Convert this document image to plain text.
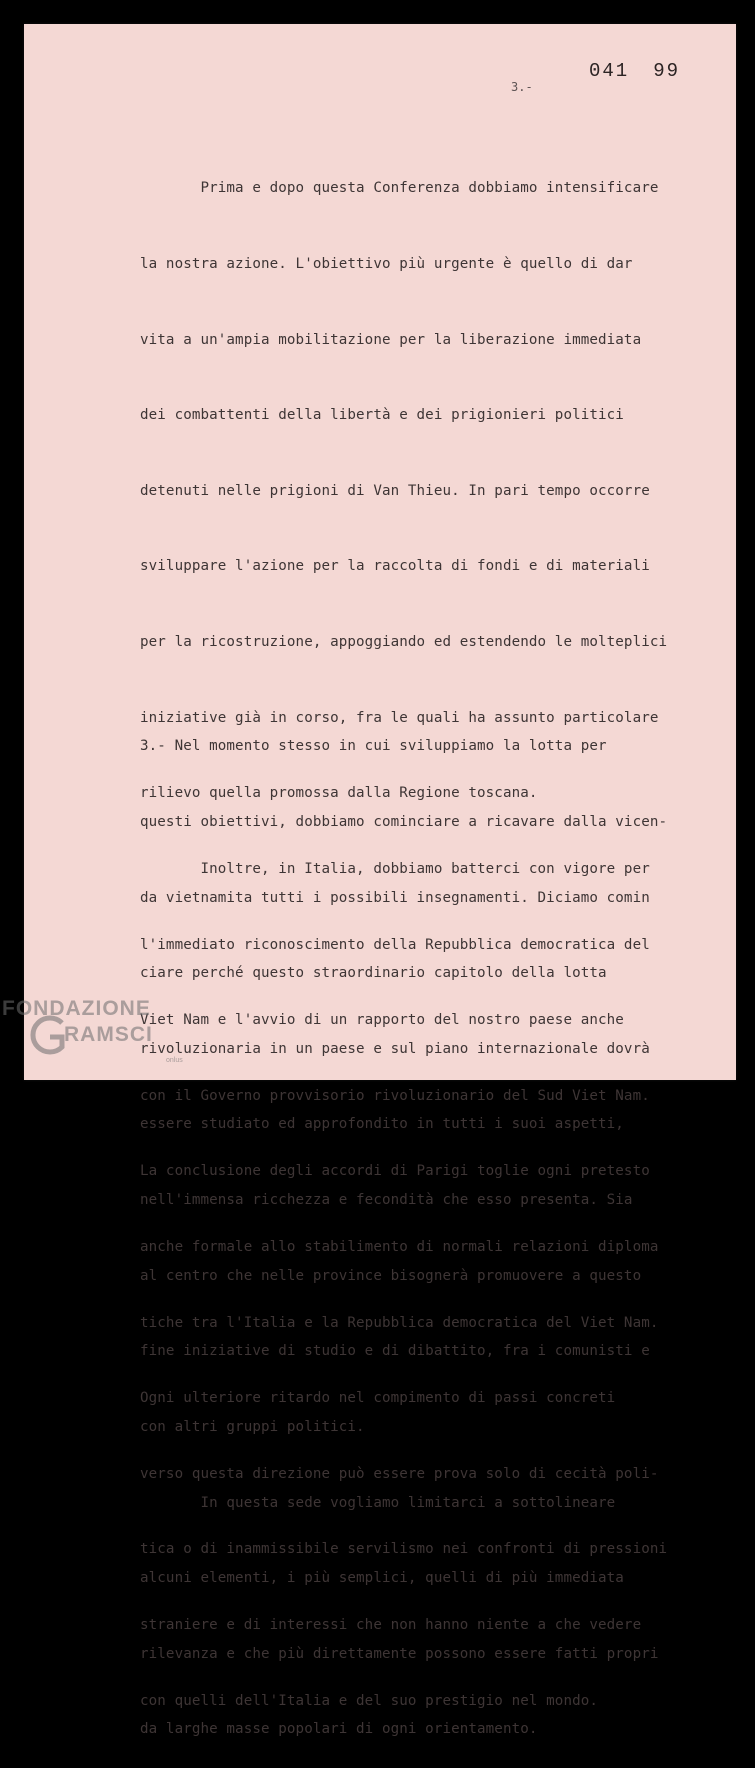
041 99
3.-

Prima e dopo questa Conferenza dobbiamo intensificare

la nostra azione. L'obiettivo più urgente è quello di dar

vita a un'ampia mobilitazione per la liberazione immediata

dei combattenti della libertà e dei prigionieri politici

detenuti nelle prigioni di Van Thieu. In pari tempo occorre

sviluppare l'azione per la raccolta di fondi e di materiali

per la ricostruzione, appoggiando ed estendendo le molteplici

iniziative già in corso, fra le quali ha assunto particolare

rilievo quella promossa dalla Regione toscana.

Inoltre, in Italia, dobbiamo batterci con vigore per

l'immediato riconoscimento della Repubblica democratica del

Viet Nam e l'avvio di un rapporto del nostro paese anche

con il Governo provvisorio rivoluzionario del Sud Viet Nam.

La conclusione degli accordi di Parigi toglie ogni pretesto

anche formale allo stabilimento di normali relazioni diploma

tiche tra l'Italia e la Repubblica democratica del Viet Nam.

Ogni ulteriore ritardo nel compimento di passi concreti

verso questa direzione può essere prova solo di cecità poli-

tica o di inammissibile servilismo nei confronti di pressioni

straniere e di interessi che non hanno niente a che vedere

con quelli dell'Italia e del suo prestigio nel mondo.

3.- Nel momento stesso in cui sviluppiamo la lotta per

questi obiettivi, dobbiamo cominciare a ricavare dalla vicen-

da vietnamita tutti i possibili insegnamenti. Diciamo comin

ciare perché questo straordinario capitolo della lotta

rivoluzionaria in un paese e sul piano internazionale dovrà

essere studiato ed approfondito in tutti i suoi aspetti,

nell'immensa ricchezza e fecondità che esso presenta. Sia

al centro che nelle province bisognerà promuovere a questo

fine iniziative di studio e di dibattito, fra i comunisti e

con altri gruppi politici.

In questa sede vogliamo limitarci a sottolineare

alcuni elementi, i più semplici, quelli di più immediata

rilevanza e che più direttamente possono essere fatti propri

da larghe masse popolari di ogni orientamento.

FONDAZIONE
RAMSCI
onlus
